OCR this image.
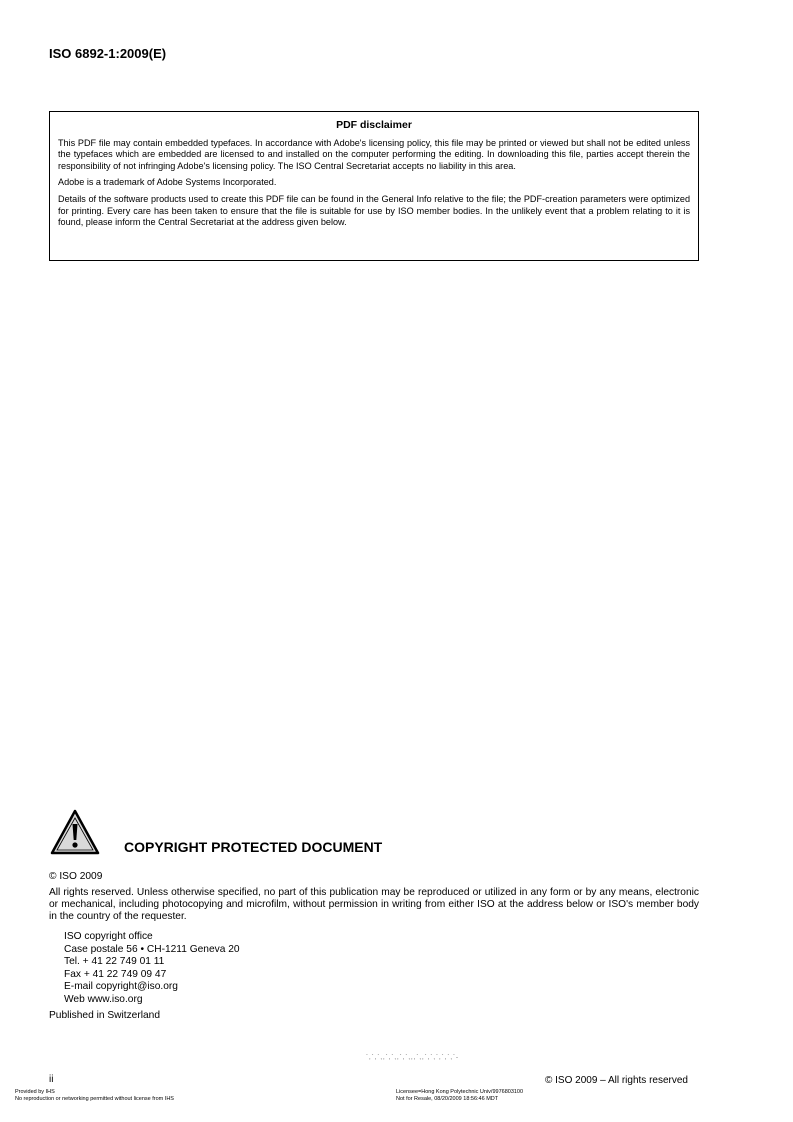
ISO 6892-1:2009(E)
PDF disclaimer

This PDF file may contain embedded typefaces. In accordance with Adobe's licensing policy, this file may be printed or viewed but shall not be edited unless the typefaces which are embedded are licensed to and installed on the computer performing the editing. In downloading this file, parties accept therein the responsibility of not infringing Adobe's licensing policy. The ISO Central Secretariat accepts no liability in this area.

Adobe is a trademark of Adobe Systems Incorporated.

Details of the software products used to create this PDF file can be found in the General Info relative to the file; the PDF-creation parameters were optimized for printing. Every care has been taken to ensure that the file is suitable for use by ISO member bodies. In the unlikely event that a problem relating to it is found, please inform the Central Secretariat at the address given below.

COPYRIGHT PROTECTED DOCUMENT
© ISO 2009
All rights reserved. Unless otherwise specified, no part of this publication may be reproduced or utilized in any form or by any means, electronic or mechanical, including photocopying and microfilm, without permission in writing from either ISO at the address below or ISO's member body in the country of the requester.
ISO copyright office
Case postale 56 • CH-1211 Geneva 20
Tel. + 41 22 749 01 11
Fax + 41 22 749 09 47
E-mail copyright@iso.org
Web www.iso.org
Published in Switzerland
`,`,`,,`,`,,`,`,,,`,,`,`,`,`,`,`-
ii	© ISO 2009 – All rights reserved
Provided by IHS
No reproduction or networking permitted without license from IHS
Licensee=Hong Kong Polytechnic Univ/9976803100
Not for Resale, 08/20/2009 18:56:46 MDT
